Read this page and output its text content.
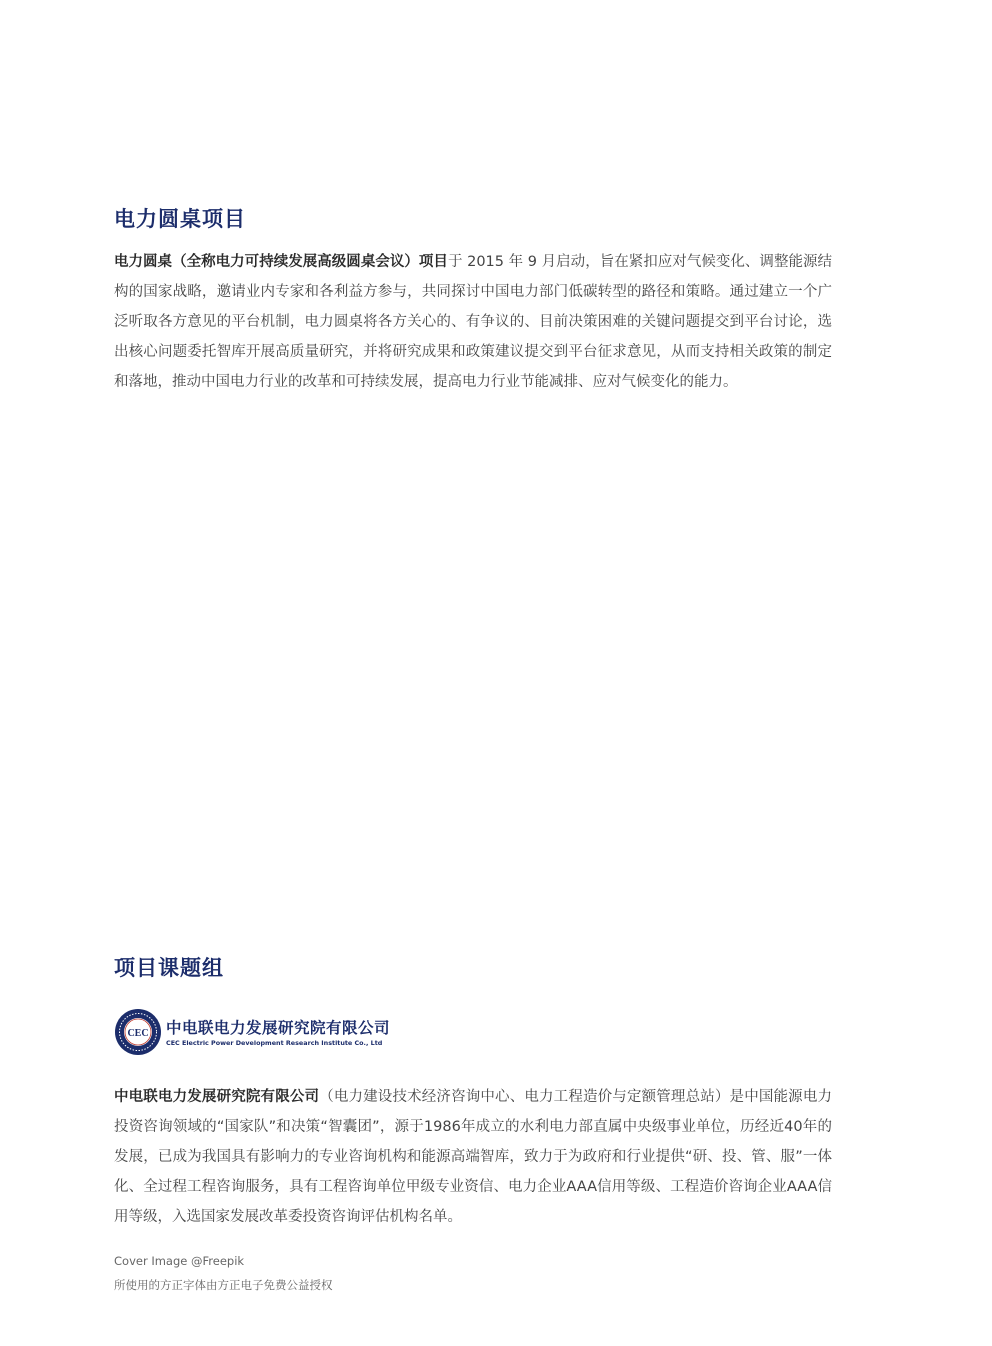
电力圆桌项目

电力圆桌（全称电力可持续发展高级圆桌会议）项目于 2015 年 9 月启动，旨在紧扣应对气候变化、调整能源结构的国家战略，邀请业内专家和各利益方参与，共同探讨中国电力部门低碳转型的路径和策略。通过建立一个广泛听取各方意见的平台机制，电力圆桌将各方关心的、有争议的、目前决策困难的关键问题提交到平台讨论，选出核心问题委托智库开展高质量研究，并将研究成果和政策建议提交到平台征求意见，从而支持相关政策的制定和落地，推动中国电力行业的改革和可持续发展，提高电力行业节能减排、应对气候变化的能力。

项目课题组
CEC 中电联电力发展研究院有限公司
CEC Electric Power Development Research Institute Co., Ltd

中电联电力发展研究院有限公司（电力建设技术经济咨询中心、电力工程造价与定额管理总站）是中国能源电力投资咨询领域的“国家队”和决策“智囊团”，源于1986年成立的水利电力部直属中央级事业单位，历经近40年的发展，已成为我国具有影响力的专业咨询机构和能源高端智库，致力于为政府和行业提供“研、投、管、服”一体化、全过程工程咨询服务，具有工程咨询单位甲级专业资信、电力企业AAA信用等级、工程造价咨询企业AAA信用等级，入选国家发展改革委投资咨询评估机构名单。

Cover Image @Freepik

所使用的方正字体由方正电子免费公益授权
